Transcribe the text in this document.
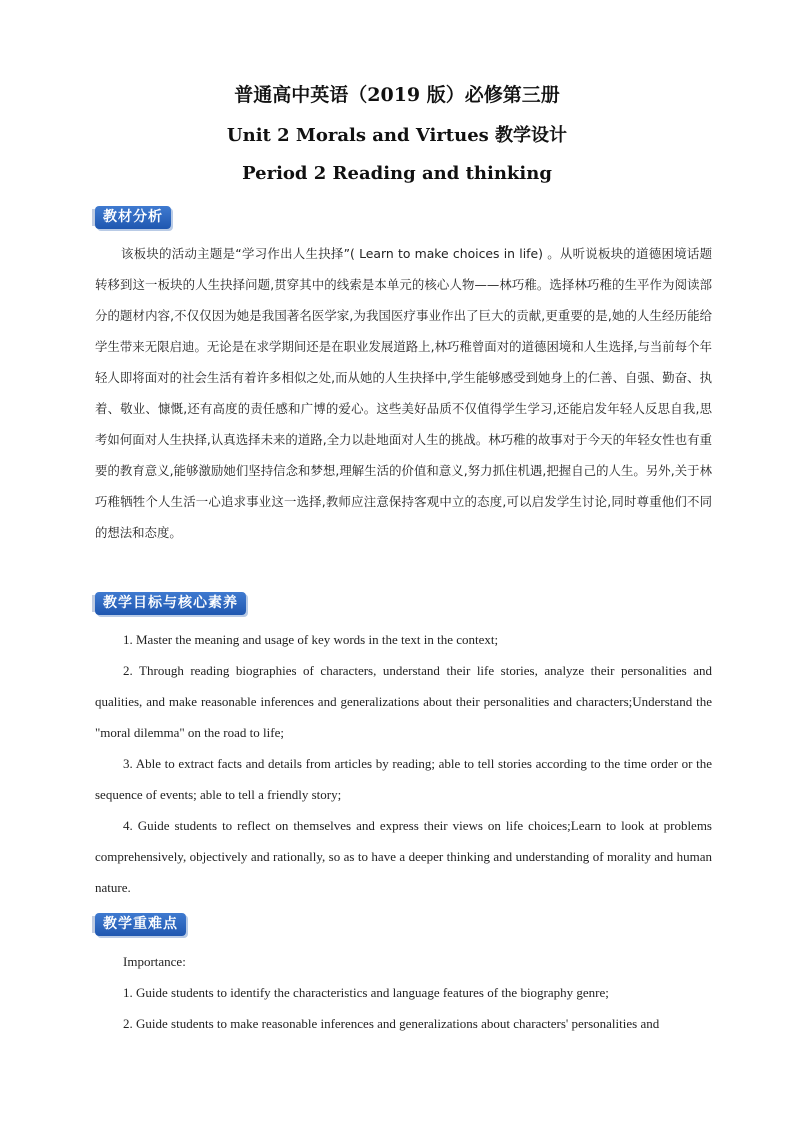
普通高中英语（2019 版）必修第三册
Unit 2 Morals and Virtues 教学设计
Period 2 Reading and thinking
教材分析

该板块的活动主题是“学习作出人生抉择”( Learn to make choices in life) 。从听说板块的道德困境话题转移到这一板块的人生抉择问题,贯穿其中的线索是本单元的核心人物——林巧稚。选择林巧稚的生平作为阅读部分的题材内容,不仅仅因为她是我国著名医学家,为我国医疗事业作出了巨大的贡献,更重要的是,她的人生经历能给学生带来无限启迪。无论是在求学期间还是在职业发展道路上,林巧稚曾面对的道德困境和人生选择,与当前每个年轻人即将面对的社会生活有着许多相似之处,而从她的人生抉择中,学生能够感受到她身上的仁善、自强、勤奋、执着、敬业、慷慨,还有高度的责任感和广博的爱心。这些美好品质不仅值得学生学习,还能启发年轻人反思自我,思考如何面对人生抉择,认真选择未来的道路,全力以赴地面对人生的挑战。林巧稚的故事对于今天的年轻女性也有重要的教育意义,能够激励她们坚持信念和梦想,理解生活的价值和意义,努力抓住机遇,把握自己的人生。另外,关于林巧稚牺牲个人生活一心追求事业这一选择,教师应注意保持客观中立的态度,可以启发学生讨论,同时尊重他们不同的想法和态度。

教学目标与核心素养

1. Master the meaning and usage of key words in the text in the context;

2. Through reading biographies of characters, understand their life stories, analyze their personalities and qualities, and make reasonable inferences and generalizations about their personalities and characters;Understand the "moral dilemma" on the road to life;

3. Able to extract facts and details from articles by reading; able to tell stories according to the time order or the sequence of events; able to tell a friendly story;

4. Guide students to reflect on themselves and express their views on life choices;Learn to look at problems comprehensively, objectively and rationally, so as to have a deeper thinking and understanding of morality and human nature.

教学重难点

Importance:

1. Guide students to identify the characteristics and language features of the biography genre;

2. Guide students to make reasonable inferences and generalizations about characters' personalities and
